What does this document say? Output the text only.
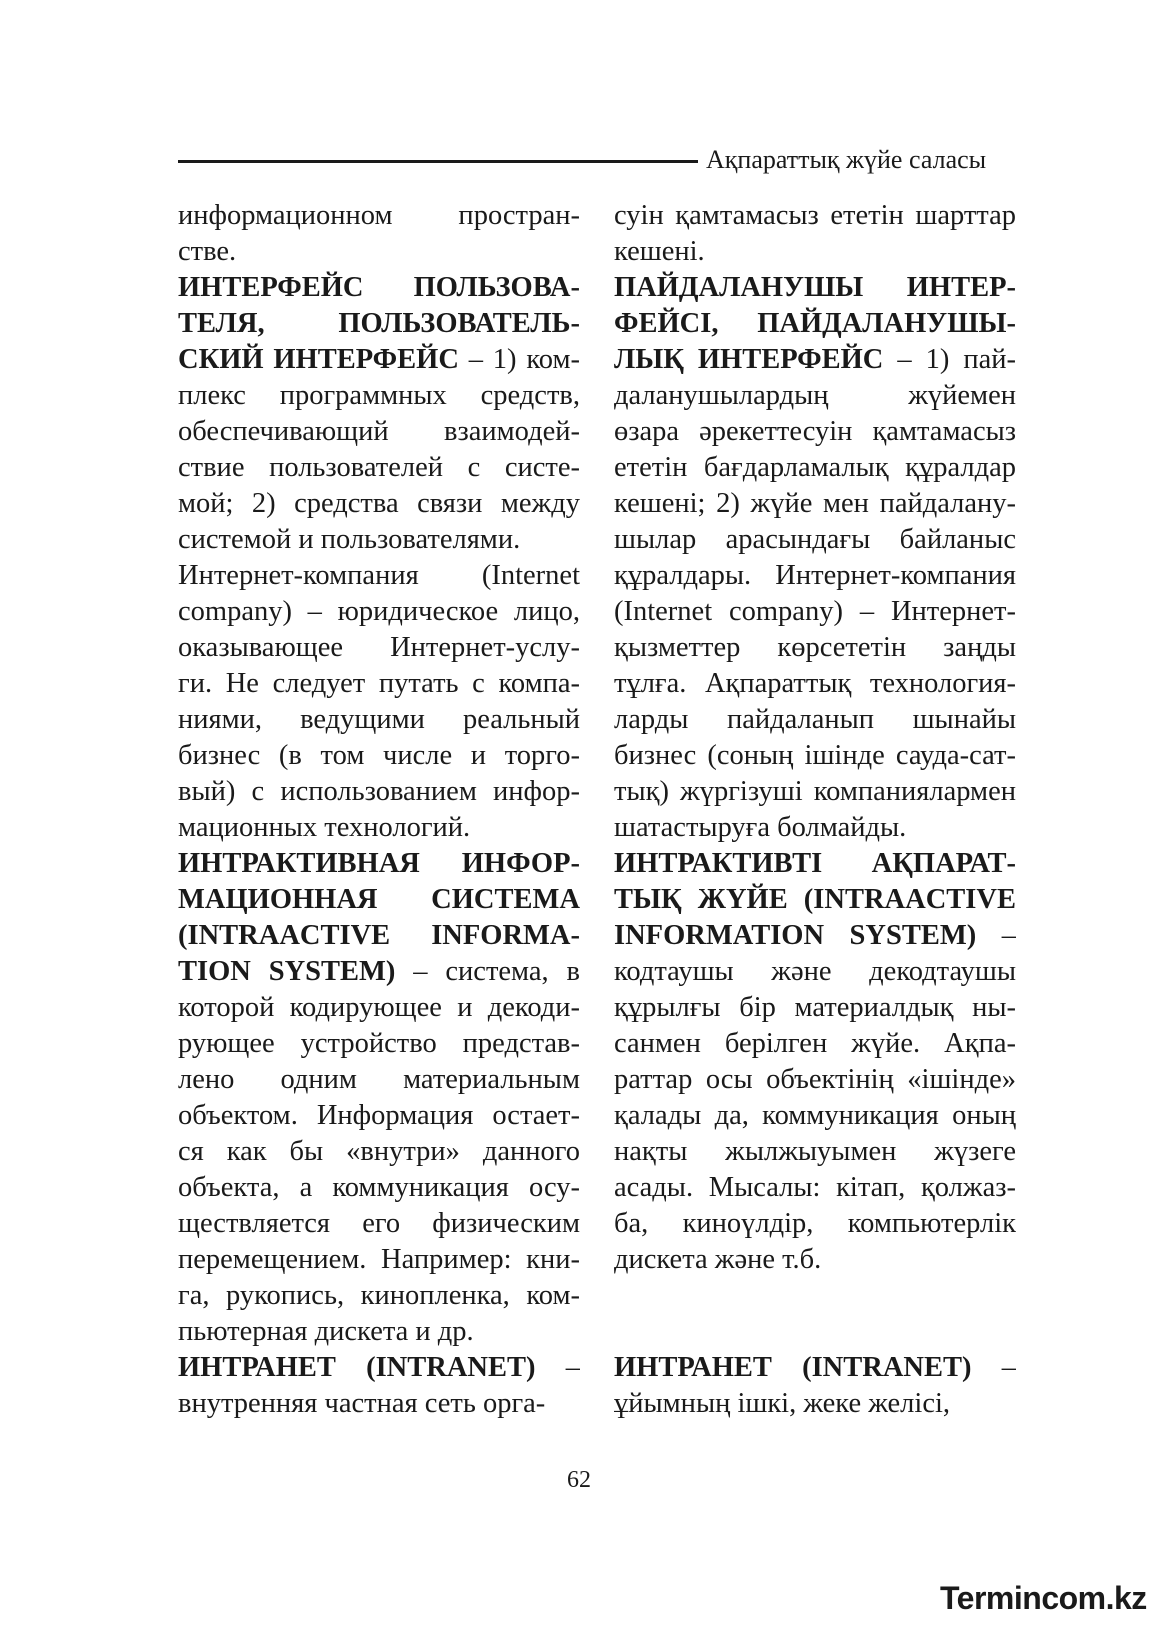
Ақпараттық жүйе саласы
информационном простран-
стве.
ИНТЕРФЕЙС ПОЛЬЗОВА-
ТЕЛЯ, ПОЛЬЗОВАТЕЛЬ-
СКИЙ ИНТЕРФЕЙС – 1) ком-
плекс программных средств,
обеспечивающий взаимодей-
ствие пользователей с систе-
мой; 2) средства связи между
системой и пользователями.
Интернет-компания (Internet
company) – юридическое лицо,
оказывающее Интернет-услу-
ги. Не следует путать с компа-
ниями, ведущими реальный
бизнес (в том числе и торго-
вый) с использованием инфор-
мационных технологий.
ИНТРАКТИВНАЯ ИНФОР-
МАЦИОННАЯ СИСТЕМА
(INTRAACTIVE INFORMA-
TION SYSTEM) – система, в
которой кодирующее и декоди-
рующее устройство представ-
лено одним материальным
объектом. Информация остает-
ся как бы «внутри» данного
объекта, а коммуникация осу-
ществляется его физическим
перемещением. Например: кни-
га, рукопись, кинопленка, ком-
пьютерная дискета и др.
ИНТРАНЕТ (INTRANET) –
внутренняя частная сеть орга-
суін қамтамасыз ететін шарттар
кешені.
ПАЙДАЛАНУШЫ ИНТЕР-
ФЕЙСІ, ПАЙДАЛАНУШЫ-
ЛЫҚ ИНТЕРФЕЙС – 1) пай-
даланушылардың жүйемен
өзара әрекеттесуін қамтамасыз
ететін бағдарламалық құралдар
кешені; 2) жүйе мен пайдалану-
шылар арасындағы байланыс
құралдары. Интернет-компания
(Internet company) – Интернет-
қызметтер көрсететін заңды
тұлға. Ақпараттық технология-
ларды пайдаланып шынайы
бизнес (соның ішінде сауда-сат-
тық) жүргізуші компаниялармен
шатастыруға болмайды.
ИНТРАКТИВТІ АҚПАРАТ-
ТЫҚ ЖҮЙЕ (INTRAACTIVE
INFORMATION SYSTEM) –
кодтаушы және декодтаушы
құрылғы бір материалдық ны-
санмен берілген жүйе. Ақпа-
раттар осы объектінің «ішінде»
қалады да, коммуникация оның
нақты жылжыуымен жүзеге
асады. Мысалы: кітап, қолжаз-
ба, киноүлдір, компьютерлік
дискета және т.б.
ИНТРАНЕТ (INTRANET) –
ұйымның ішкі, жеке желісі,
62
Termincom.kz
